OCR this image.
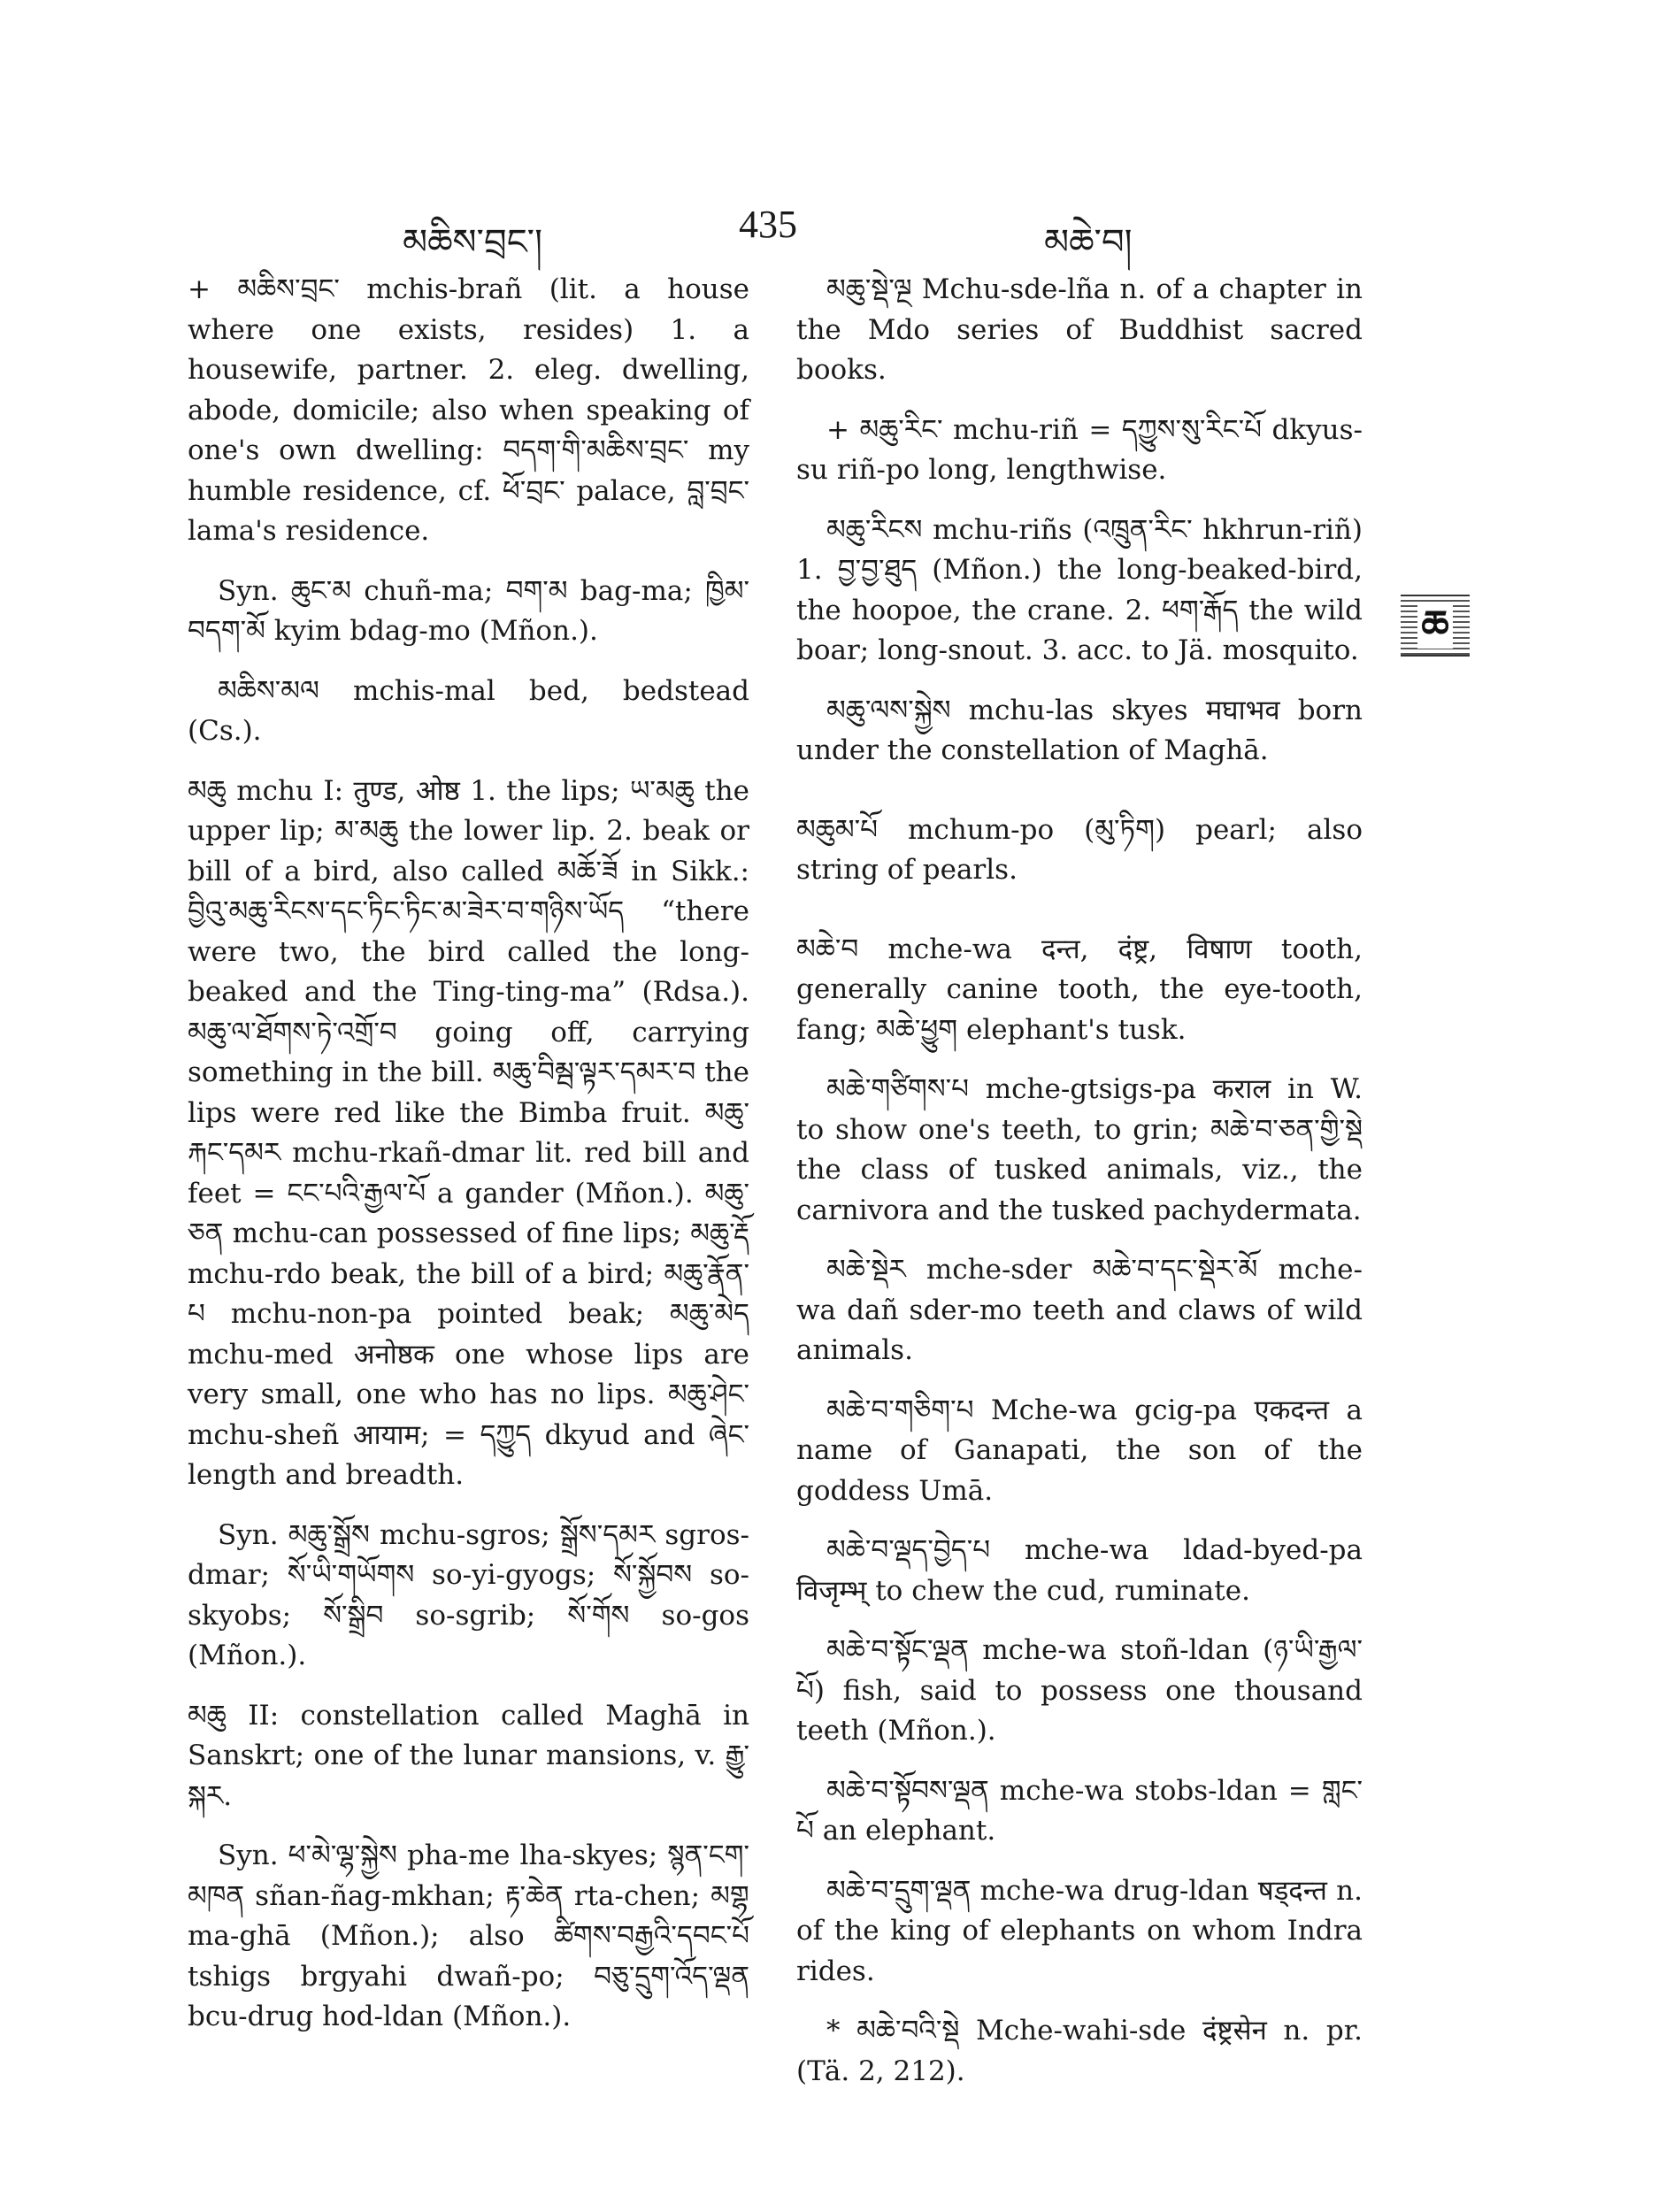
མཆིས་བྲང་།	435	མཆེ་བ།

+ མཆིས་བྲང་ mchis-brañ (lit. a house where one exists, resides) 1. a housewife, partner. 2. eleg. dwelling, abode, domicile; also when speaking of one's own dwelling: བདག་གི་མཆིས་བྲང་ my humble residence, cf. ཕོ་བྲང་ palace, བླ་བྲང་ lama's residence.

Syn. ཆུང་མ chuñ-ma; བག་མ bag-ma; ཁྱིམ་བདག་མོ kyim bdag-mo (Mñon.).

མཆིས་མལ mchis-mal bed, bedstead (Cs.).

མཆུ mchu I: तुण्ड, ओष्ठ 1. the lips; ཡ་མཆུ the upper lip; མ་མཆུ the lower lip. 2. beak or bill of a bird, also called མཆོ་ཟོ in Sikk.: བྱིའུ་མཆུ་རིངས་དང་ཏིང་ཏིང་མ་ཟེར་བ་གཉིས་ཡོད “there were two, the bird called the long-beaked and the Ting-ting-ma” (Rdsa.). མཆུ་ལ་ཐོགས་ཏེ་འགྲོ་བ going off, carrying something in the bill. མཆུ་བིམྦ་ལྟར་དམར་བ the lips were red like the Bimba fruit. མཆུ་རྐང་དམར mchu-rkañ-dmar lit. red bill and feet = ངང་པའི་རྒྱལ་པོ a gander (Mñon.). མཆུ་ཅན mchu-can possessed of fine lips; མཆུ་རྡོ mchu-rdo beak, the bill of a bird; མཆུ་རྣོན་པ mchu-non-pa pointed beak; མཆུ་མེད mchu-med अनोष्ठक one whose lips are very small, one who has no lips. མཆུ་ཤེང་ mchu-sheñ आयाम; = དཀྱུད dkyud and ཞེང་ length and breadth.

Syn. མཆུ་སྒྲོས mchu-sgros; སྒྲོས་དམར sgros-dmar; སོ་ཡི་གཡོགས so-yi-gyogs; སོ་སྐྱོབས so-skyobs; སོ་སྒྲིབ so-sgrib; སོ་གོས so-gos (Mñon.).

མཆུ II: constellation called Maghā in Sanskrt; one of the lunar mansions, v. རྒྱུ་སྐར.

Syn. ཕ་མེ་ལྷ་སྐྱེས pha-me lha-skyes; སྙན་ངག་མཁན sñan-ñag-mkhan; རྟ་ཆེན rta-chen; མགྷ ma-ghā (Mñon.); also ཚིགས་བརྒྱའི་དབང་པོ tshigs brgyahi dwañ-po; བཅུ་དྲུག་འོད་ལྡན bcu-drug hod-ldan (Mñon.).

མཆུ་སྡེ་ལྔ Mchu-sde-lña n. of a chapter in the Mdo series of Buddhist sacred books.

+ མཆུ་རིང་ mchu-riñ = དཀྱུས་སུ་རིང་པོ dkyus-su riñ-po long, lengthwise.

མཆུ་རིངས mchu-riñs (འཁྲུན་རིང་ hkhrun-riñ) 1. བྱ་བྱ་ཐུད (Mñon.) the long-beaked-bird, the hoopoe, the crane. 2. ཕག་རྒོད the wild boar; long-snout. 3. acc. to Jä. mosquito.

མཆུ་ལས་སྐྱེས mchu-las skyes मघाभव born under the constellation of Maghā.

མཆུམ་པོ mchum-po (མུ་ཏིག) pearl; also string of pearls.

མཆེ་བ mche-wa दन्त, दंष्ट्र, विषाण tooth, generally canine tooth, the eye-tooth, fang; མཆེ་ཕྱུག elephant's tusk.

མཆེ་གཙིགས་པ mche-gtsigs-pa कराल in W. to show one's teeth, to grin; མཆེ་བ་ཅན་གྱི་སྡེ the class of tusked animals, viz., the carnivora and the tusked pachydermata.

མཆེ་སྡེར mche-sder མཆེ་བ་དང་སྡེར་མོ mche-wa dañ sder-mo teeth and claws of wild animals.

མཆེ་བ་གཅིག་པ Mche-wa gcig-pa एकदन्त a name of Ganapati, the son of the goddess Umā.

མཆེ་བ་ལྡད་བྱེད་པ mche-wa ldad-byed-pa विजृम्भ् to chew the cud, ruminate.

མཆེ་བ་སྟོང་ལྡན mche-wa stoñ-ldan (ཉ་ཡི་རྒྱལ་པོ) fish, said to possess one thousand teeth (Mñon.).

མཆེ་བ་སྟོབས་ལྡན mche-wa stobs-ldan = གླང་པོ an elephant.

མཆེ་བ་དྲུག་ལྡན mche-wa drug-ldan षड्दन्त n. of the king of elephants on whom Indra rides.

* མཆེ་བའི་སྡེ Mche-wahi-sde दंष्ट्रसेन n. pr. (Tä. 2, 212).

ཆ
